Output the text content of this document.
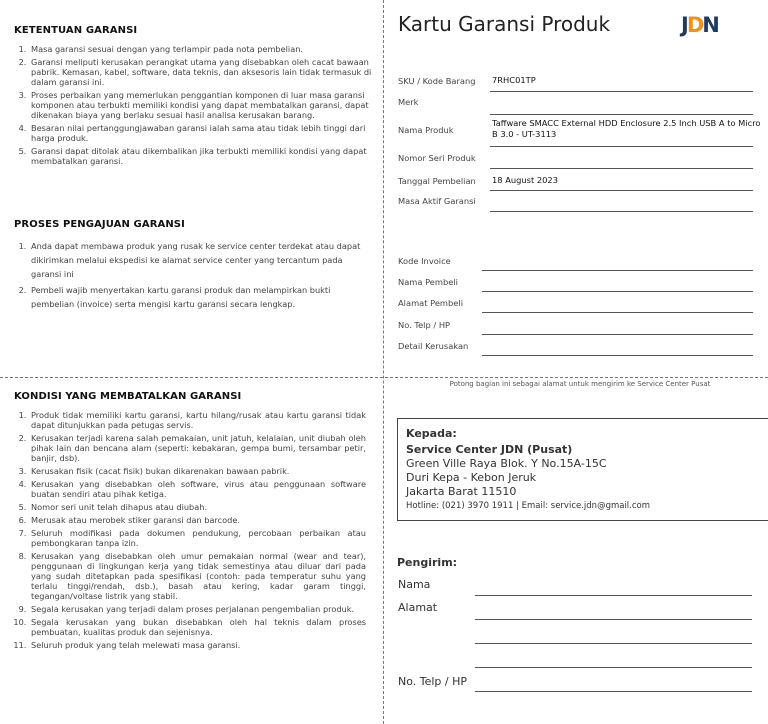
KETENTUAN GARANSI
1. Masa garansi sesuai dengan yang terlampir pada nota pembelian.
2. Garansi meliputi kerusakan perangkat utama yang disebabkan oleh cacat bawaan pabrik. Kemasan, kabel, software, data teknis, dan aksesoris lain tidak termasuk di dalam garansi ini.
3. Proses perbaikan yang memerlukan penggantian komponen di luar masa garansi komponen atau terbukti memiliki kondisi yang dapat membatalkan garansi, dapat dikenakan biaya yang berlaku sesuai hasil analisa kerusakan barang.
4. Besaran nilai pertanggungjawaban garansi ialah sama atau tidak lebih tinggi dari harga produk.
5. Garansi dapat ditolak atau dikembalikan jika terbukti memiliki kondisi yang dapat membatalkan garansi.
PROSES PENGAJUAN GARANSI
1. Anda dapat membawa produk yang rusak ke service center terdekat atau dapat dikirimkan melalui ekspedisi ke alamat service center yang tercantum pada garansi ini
2. Pembeli wajib menyertakan kartu garansi produk dan melampirkan bukti pembelian (invoice) serta mengisi kartu garansi secara lengkap.
KONDISI YANG MEMBATALKAN GARANSI
1. Produk tidak memiliki kartu garansi, kartu hilang/rusak atau kartu garansi tidak dapat ditunjukkan pada petugas servis.
2. Kerusakan terjadi karena salah pemakaian, unit jatuh, kelalaian, unit diubah oleh pihak lain dan bencana alam (seperti: kebakaran, gempa bumi, tersambar petir, banjir, dsb).
3. Kerusakan fisik (cacat fisik) bukan dikarenakan bawaan pabrik.
4. Kerusakan yang disebabkan oleh software, virus atau penggunaan software buatan sendiri atau pihak ketiga.
5. Nomor seri unit telah dihapus atau diubah.
6. Merusak atau merobek stiker garansi dan barcode.
7. Seluruh modifikasi pada dokumen pendukung, percobaan perbaikan atau pembongkaran tanpa izin.
8. Kerusakan yang disebabkan oleh umur pemakaian normal (wear and tear), penggunaan di lingkungan kerja yang tidak semestinya atau diluar dari pada yang sudah ditetapkan pada spesifikasi (contoh: pada temperatur suhu yang terlalu tinggi/rendah, dsb.), basah atau kering, kadar garam tinggi, tegangan/voltase listrik yang stabil.
9. Segala kerusakan yang terjadi dalam proses perjalanan pengembalian produk.
10. Segala kerusakan yang bukan disebabkan oleh hal teknis dalam proses pembuatan, kualitas produk dan sejenisnya.
11. Seluruh produk yang telah melewati masa garansi.
Kartu Garansi Produk	JDN
SKU / Kode Barang 7RHC01TP
Merk
Nama Produk
Taffware SMACC External HDD Enclosure 2.5 Inch USB A to Micro B 3.0 - UT-3113
Nomor Seri Produk
Tanggal Pembelian 18 August 2023
Masa Aktif Garansi
Kode Invoice
Nama Pembeli
Alamat Pembeli
No. Telp / HP
Detail Kerusakan
Potong bagian ini sebagai alamat untuk mengirim ke Service Center Pusat
Kepada:
Service Center JDN (Pusat)
Green Ville Raya Blok. Y No.15A-15C
Duri Kepa - Kebon Jeruk
Jakarta Barat 11510
Hotline: (021) 3970 1911 | Email: service.jdn@gmail.com
Pengirim:
Nama
Alamat
No. Telp / HP
